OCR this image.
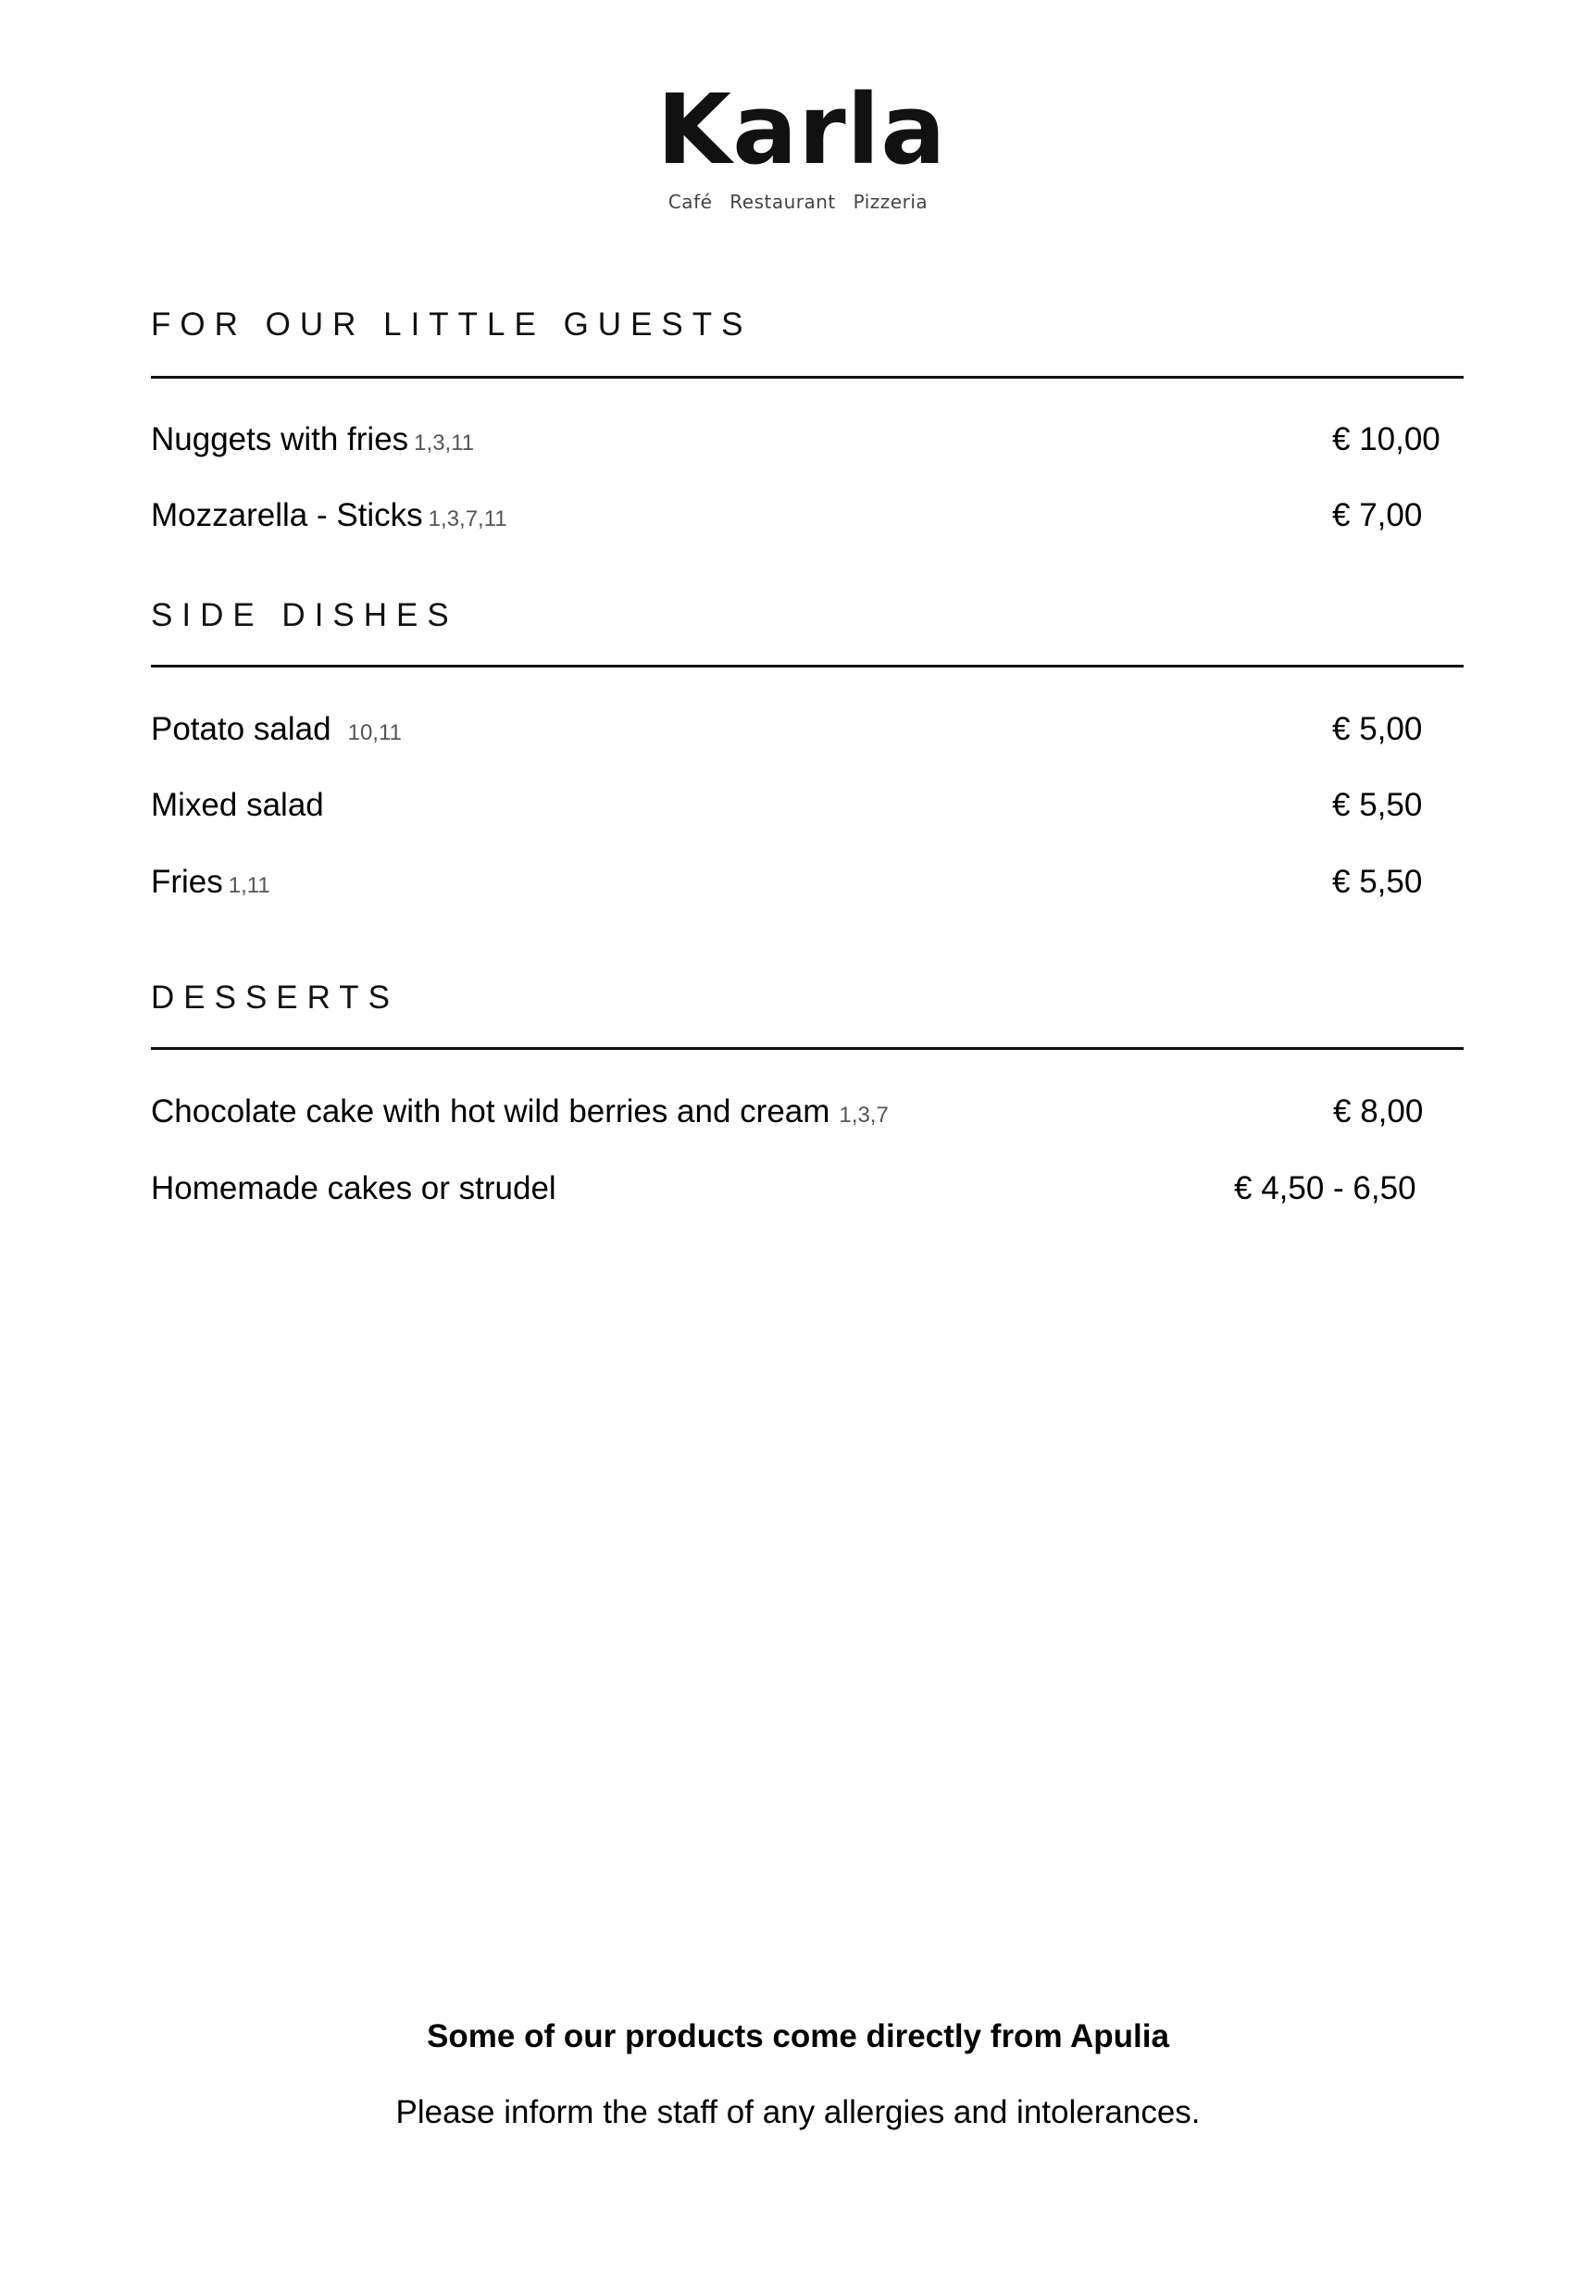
Karla
Café Restaurant Pizzeria
FOR OUR LITTLE GUESTS
Nuggets with fries 1,3,11	€ 10,00
Mozzarella - Sticks 1,3,7,11	€ 7,00
SIDE DISHES
Potato salad 10,11	€ 5,00
Mixed salad	€ 5,50
Fries 1,11	€ 5,50
DESSERTS
Chocolate cake with hot wild berries and cream 1,3,7	€ 8,00
Homemade cakes or strudel	€ 4,50 - 6,50
Some of our products come directly from Apulia
Please inform the staff of any allergies and intolerances.
